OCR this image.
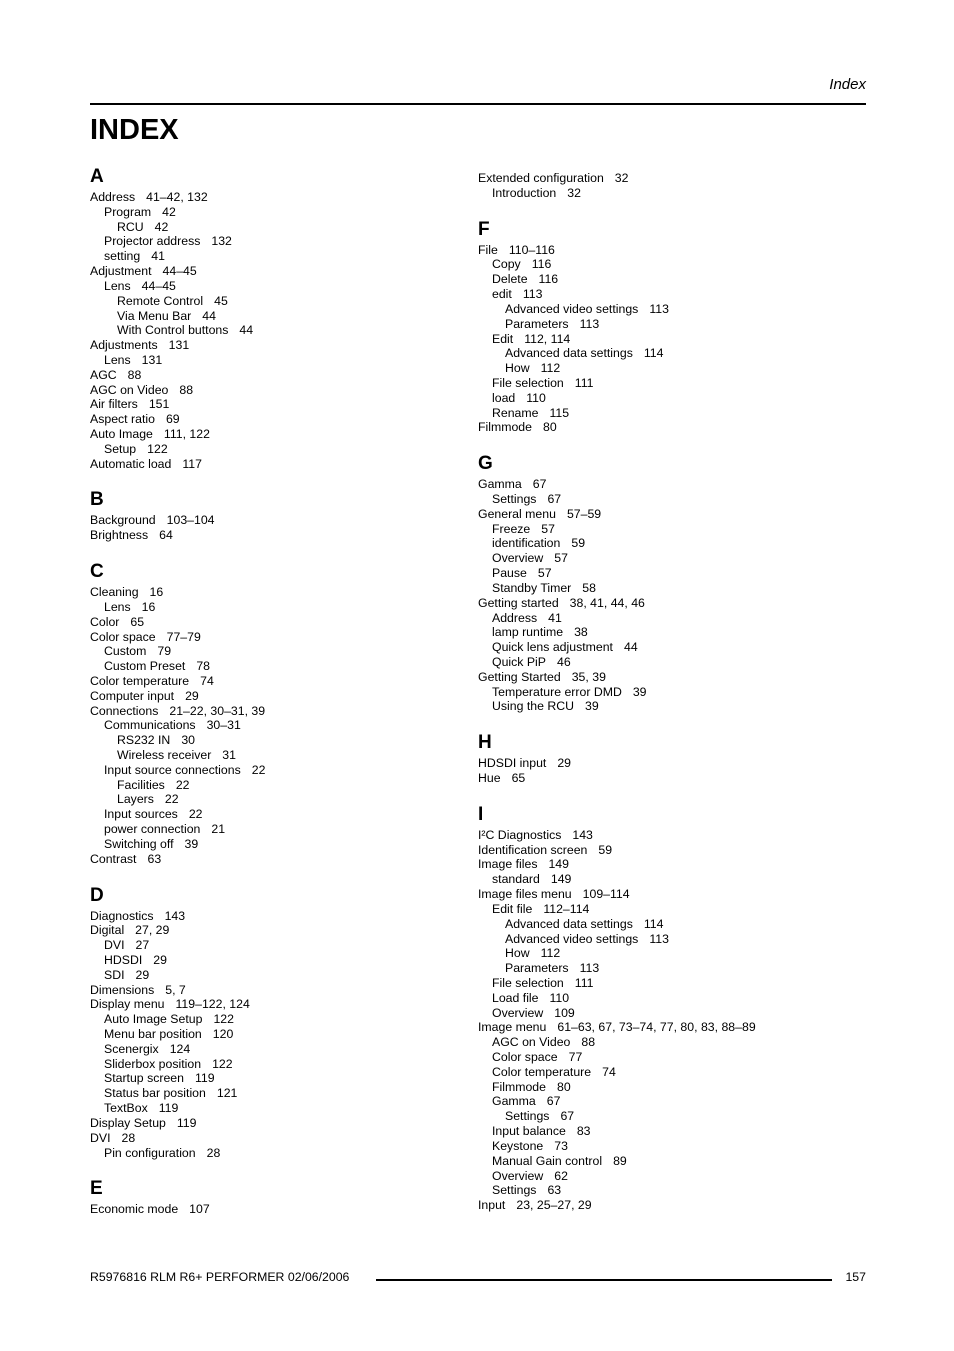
Index
INDEX
A
Address 41–42, 132
Program 42
RCU 42
Projector address 132
setting 41
Adjustment 44–45
Lens 44–45
Remote Control 45
Via Menu Bar 44
With Control buttons 44
Adjustments 131
Lens 131
AGC 88
AGC on Video 88
Air filters 151
Aspect ratio 69
Auto Image 111, 122
Setup 122
Automatic load 117
B
Background 103–104
Brightness 64
C
Cleaning 16
Lens 16
Color 65
Color space 77–79
Custom 79
Custom Preset 78
Color temperature 74
Computer input 29
Connections 21–22, 30–31, 39
Communications 30–31
RS232 IN 30
Wireless receiver 31
Input source connections 22
Facilities 22
Layers 22
Input sources 22
power connection 21
Switching off 39
Contrast 63
D
Diagnostics 143
Digital 27, 29
DVI 27
HDSDI 29
SDI 29
Dimensions 5, 7
Display menu 119–122, 124
Auto Image Setup 122
Menu bar position 120
Scenergix 124
Sliderbox position 122
Startup screen 119
Status bar position 121
TextBox 119
Display Setup 119
DVI 28
Pin configuration 28
E
Economic mode 107
Extended configuration 32
Introduction 32
F
File 110–116
Copy 116
Delete 116
edit 113
Advanced video settings 113
Parameters 113
Edit 112, 114
Advanced data settings 114
How 112
File selection 111
load 110
Rename 115
Filmmode 80
G
Gamma 67
Settings 67
General menu 57–59
Freeze 57
identification 59
Overview 57
Pause 57
Standby Timer 58
Getting started 38, 41, 44, 46
Address 41
lamp runtime 38
Quick lens adjustment 44
Quick PiP 46
Getting Started 35, 39
Temperature error DMD 39
Using the RCU 39
H
HDSDI input 29
Hue 65
I
I²C Diagnostics 143
Identification screen 59
Image files 149
standard 149
Image files menu 109–114
Edit file 112–114
Advanced data settings 114
Advanced video settings 113
How 112
Parameters 113
File selection 111
Load file 110
Overview 109
Image menu 61–63, 67, 73–74, 77, 80, 83, 88–89
AGC on Video 88
Color space 77
Color temperature 74
Filmmode 80
Gamma 67
Settings 67
Input balance 83
Keystone 73
Manual Gain control 89
Overview 62
Settings 63
Input 23, 25–27, 29
R5976816 RLM R6+ PERFORMER 02/06/2006	157
